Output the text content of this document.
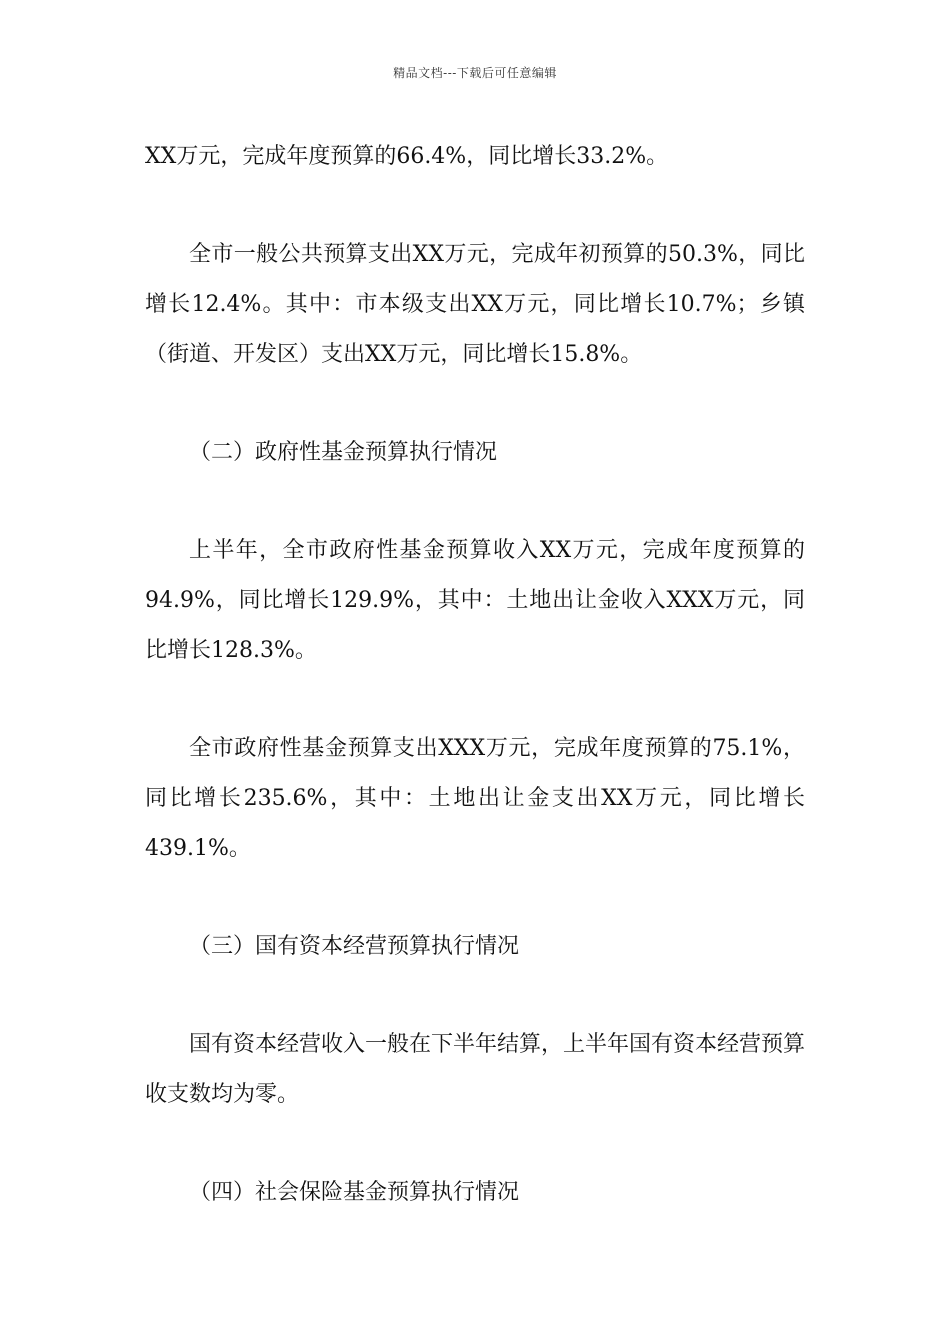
精品文档---下载后可任意编辑

XX万元，完成年度预算的66.4%，同比增长33.2%。

全市一般公共预算支出XX万元，完成年初预算的50.3%，同比增长12.4%。其中：市本级支出XX万元，同比增长10.7%；乡镇（街道、开发区）支出XX万元，同比增长15.8%。

（二）政府性基金预算执行情况

上半年，全市政府性基金预算收入XX万元，完成年度预算的94.9%，同比增长129.9%，其中：土地出让金收入XXX万元，同比增长128.3%。

全市政府性基金预算支出XXX万元，完成年度预算的75.1%，同比增长235.6%，其中：土地出让金支出XX万元，同比增长439.1%。

（三）国有资本经营预算执行情况

国有资本经营收入一般在下半年结算，上半年国有资本经营预算收支数均为零。

（四）社会保险基金预算执行情况
